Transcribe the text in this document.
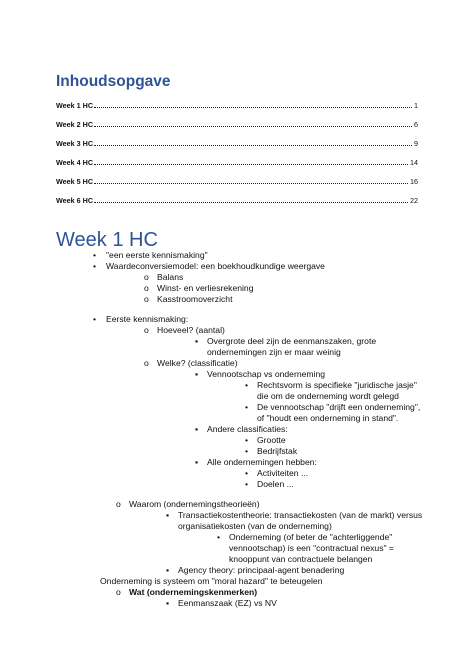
Inhoudsopgave
Week 1 HC	1
Week 2 HC	6
Week 3 HC	9
Week 4 HC	14
Week 5 HC	16
Week 6 HC	22
Week 1 HC
• "een eerste kennismaking"
• Waardeconversiemodel: een boekhoudkundige weergave
o Balans
o Winst- en verliesrekening
o Kasstroomoverzicht
• Eerste kennismaking:
o Hoeveel? (aantal)
▪ Overgrote deel zijn de eenmanszaken, grote
ondernemingen zijn er maar weinig
o Welke? (classificatie)
▪ Vennootschap vs onderneming
• Rechtsvorm is specifieke "juridische jasje"
die om de onderneming wordt gelegd
• De vennootschap "drijft een onderneming",
of "houdt een onderneming in stand".
▪ Andere classificaties:
• Grootte
• Bedrijfstak
▪ Alle ondernemingen hebben:
• Activiteiten ...
• Doelen ...
o Waarom (ondernemingstheorieën)
▪ Transactiekostentheorie: transactiekosten (van de markt) versus
organisatiekosten (van de onderneming)
• Onderneming (of beter de "achterliggende"
vennootschap) is een "contractual nexus" =
knooppunt van contractuele belangen
▪ Agency theory: principaal-agent benadering
Onderneming is systeem om "moral hazard" te beteugelen
o Wat (ondernemingskenmerken)
▪ Eenmanszaak (EZ) vs NV
